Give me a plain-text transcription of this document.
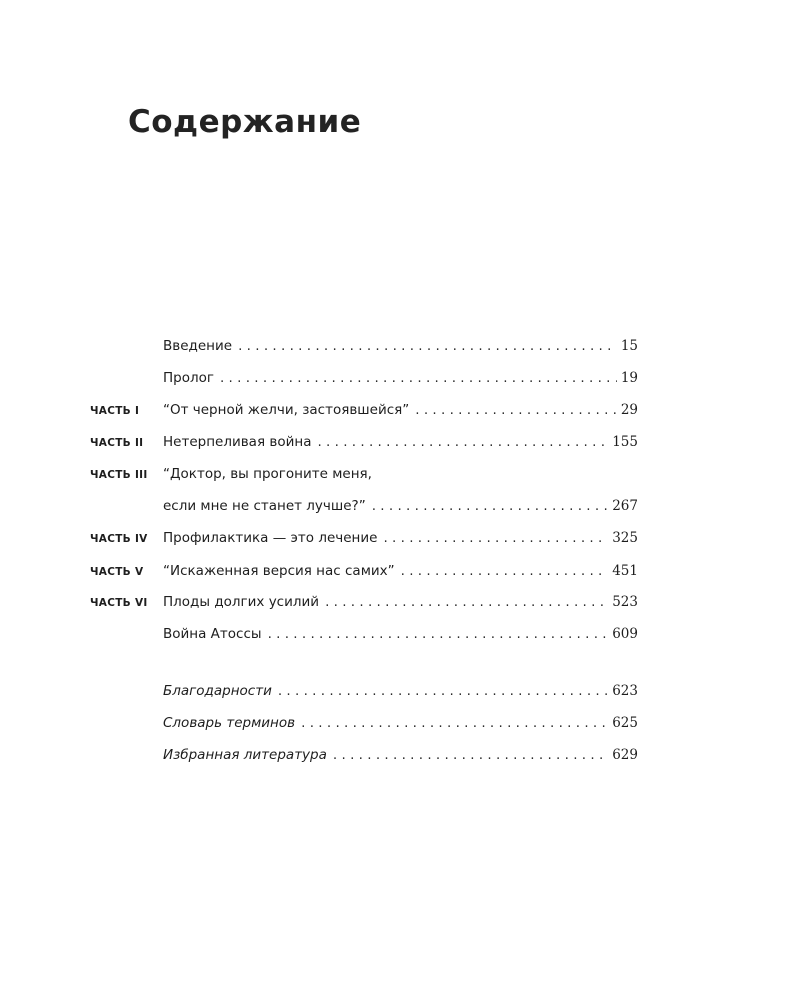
Содержание
Введение . . .	15
Пролог . . .	19
ЧАСТЬ I “От черной желчи, застоявшейся” . . .	29
ЧАСТЬ II Нетерпеливая война . . .	155
ЧАСТЬ III “Доктор, вы прогоните меня,
если мне не станет лучше?” . . .	267
ЧАСТЬ IV Профилактика — это лечение . . .	325
ЧАСТЬ V “Искаженная версия нас самих” . . .	451
ЧАСТЬ VI Плоды долгих усилий . . .	523
Война Атоссы . . .	609
Благодарности . . .	623
Словарь терминов . . .	625
Избранная литература . . .	629
